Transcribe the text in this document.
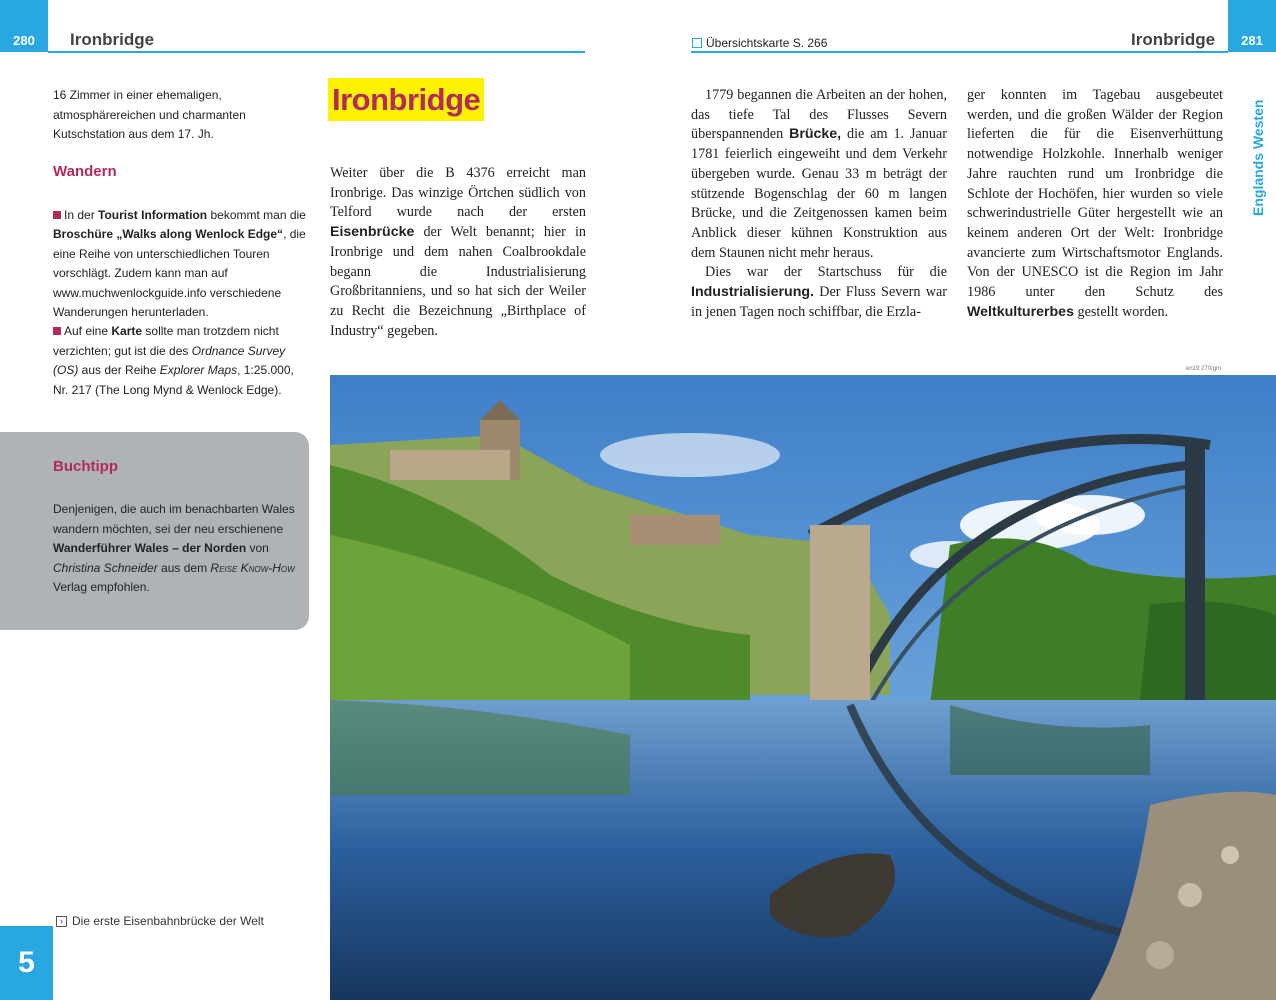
280	Ironbridge	281
Übersichtskarte S. 266	Ironbridge
Englands Westen
16 Zimmer in einer ehemaligen, atmosphärereichen und charmanten Kutschstation aus dem 17. Jh.
Wandern

In der Tourist Information bekommt man die Broschüre „Walks along Wenlock Edge“, die eine Reihe von unterschiedlichen Touren vorschlägt. Zudem kann man auf www.muchwenlockguide.info verschiedene Wanderungen herunterladen.

Auf eine Karte sollte man trotzdem nicht verzichten; gut ist die des Ordnance Survey (OS) aus der Reihe Explorer Maps, 1:25.000, Nr. 217 (The Long Mynd & Wenlock Edge).

Buchtipp
Denjenigen, die auch im benachbarten Wales wandern möchten, sei der neu erschienene Wanderführer Wales – der Norden von Christina Schneider aus dem Reise Know-How Verlag empfohlen.
› Die erste Eisenbahnbrücke der Welt
5
Ironbridge

Weiter über die B 4376 erreicht man Ironbrige. Das winzige Örtchen südlich von Telford wurde nach der ersten Eisenbrücke der Welt benannt; hier in Ironbrige und dem nahen Coalbrookdale begann die Industrialisierung Großbritanniens, und so hat sich der Weiler zu Recht die Bezeichnung „Birthplace of Industry“ gegeben.

1779 begannen die Arbeiten an der hohen, das tiefe Tal des Flusses Severn überspannenden Brücke, die am 1. Januar 1781 feierlich eingeweiht und dem Verkehr übergeben wurde. Genau 33 m beträgt der stützende Bogenschlag der 60 m langen Brücke, und die Zeitgenossen kamen beim Anblick dieser kühnen Konstruktion aus dem Staunen nicht mehr heraus.

Dies war der Startschuss für die Industrialisierung. Der Fluss Severn war in jenen Tagen noch schiffbar, die Erzla-

ger konnten im Tagebau ausgebeutet werden, und die großen Wälder der Region lieferten die für die Eisenverhüttung notwendige Holzkohle. Innerhalb weniger Jahre rauchten rund um Ironbridge die Schlote der Hochöfen, hier wurden so viele schwerindustrielle Güter hergestellt wie an keinem anderen Ort der Welt: Ironbridge avancierte zum Wirtschaftsmotor Englands. Von der UNESCO ist die Region im Jahr 1986 unter den Schutz des Weltkulturerbes gestellt worden.

en19 270/gm
